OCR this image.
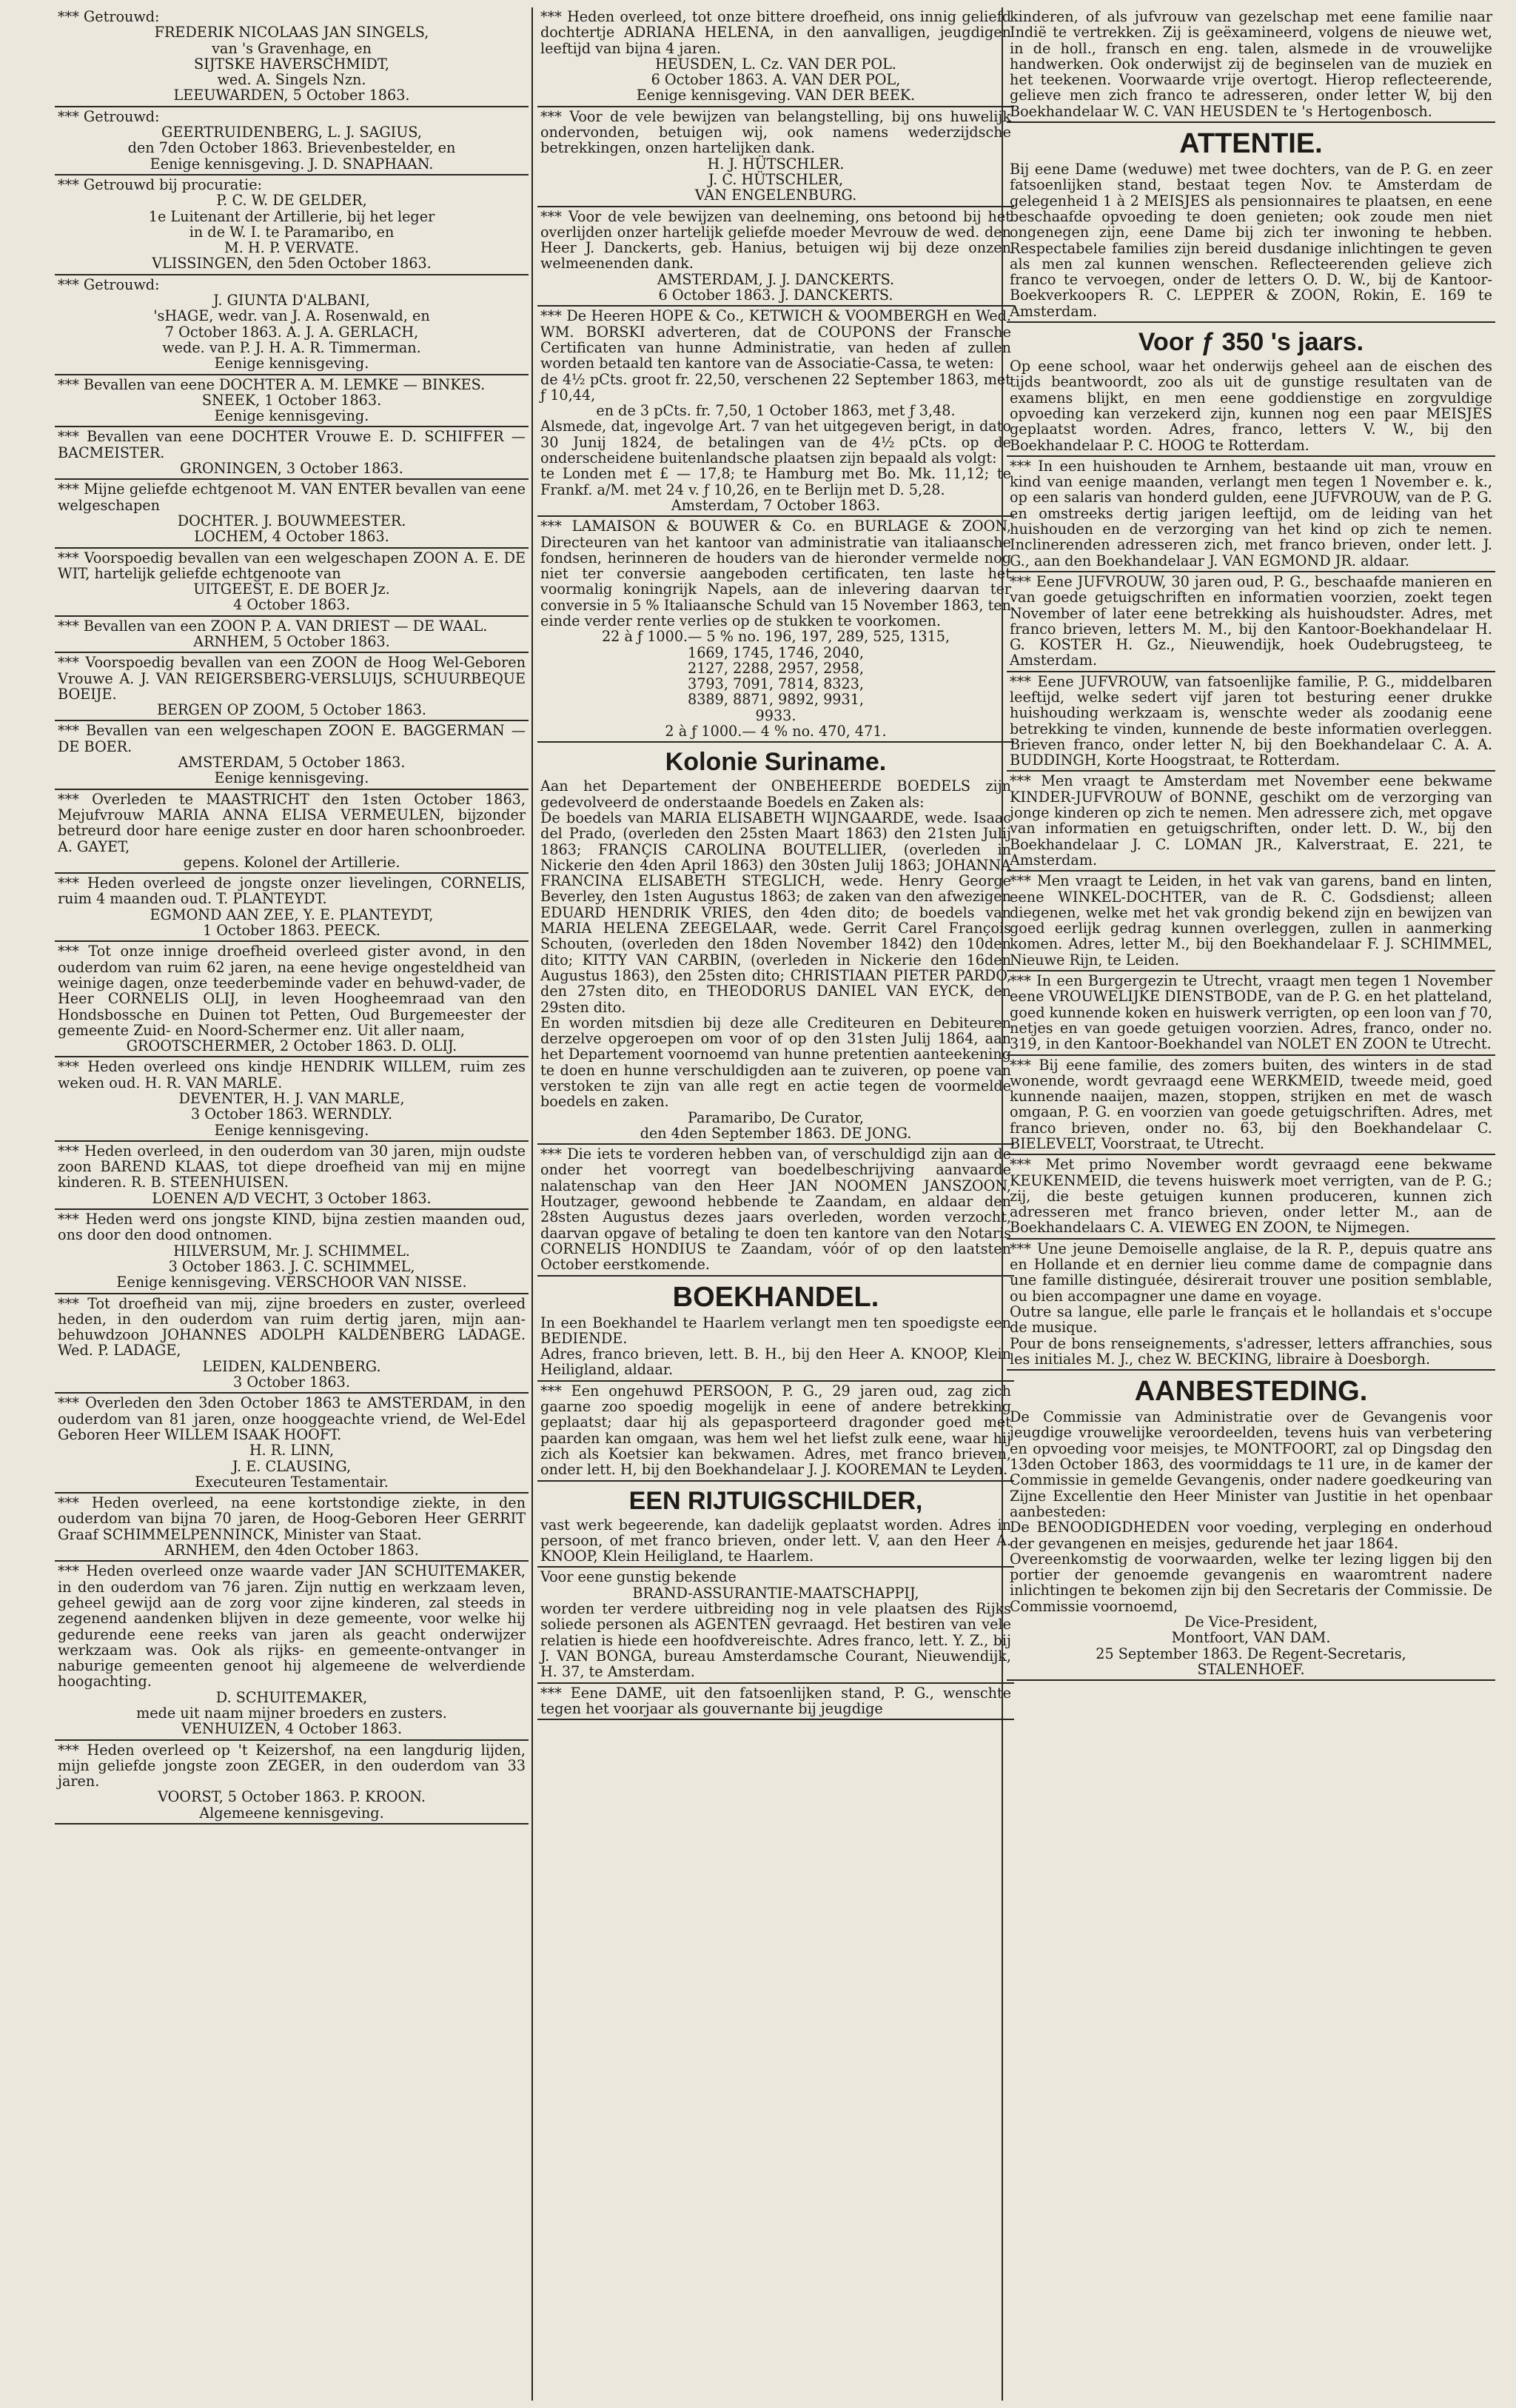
*** Getrouwd:

FREDERIK NICOLAAS JAN SINGELS,

van 's Gravenhage, en

SIJTSKE HAVERSCHMIDT,

wed. A. Singels Nzn.

LEEUWARDEN, 5 October 1863.

*** Getrouwd:

GEERTRUIDENBERG, L. J. SAGIUS,

den 7den October 1863. Brievenbestelder, en

Eenige kennisgeving. J. D. SNAPHAAN.

*** Getrouwd bij procuratie:

P. C. W. DE GELDER,

1e Luitenant der Artillerie, bij het leger

in de W. I. te Paramaribo, en

M. H. P. VERVATE.

VLISSINGEN, den 5den October 1863.

*** Getrouwd:

J. GIUNTA D'ALBANI,

'sHAGE, wedr. van J. A. Rosenwald, en

7 October 1863. A. J. A. GERLACH,

wede. van P. J. H. A. R. Timmerman.

Eenige kennisgeving.

*** Bevallen van eene DOCHTER A. M. LEMKE — BINKES.

SNEEK, 1 October 1863.

Eenige kennisgeving.

*** Bevallen van eene DOCHTER Vrouwe E. D. SCHIFFER — BACMEISTER.

GRONINGEN, 3 October 1863.

*** Mijne geliefde echtgenoot M. VAN ENTER bevallen van eene welgeschapen

DOCHTER. J. BOUWMEESTER.

LOCHEM, 4 October 1863.

*** Voorspoedig bevallen van een welgeschapen ZOON A. E. DE WIT, hartelijk geliefde echtgenoote van

UITGEEST, E. DE BOER Jz.

4 October 1863.

*** Bevallen van een ZOON P. A. VAN DRIEST — DE WAAL.

ARNHEM, 5 October 1863.

*** Voorspoedig bevallen van een ZOON de Hoog Wel-Geboren Vrouwe A. J. VAN REIGERSBERG-VERSLUIJS, SCHUURBEQUE BOEIJE.

BERGEN OP ZOOM, 5 October 1863.

*** Bevallen van een welgeschapen ZOON E. BAGGERMAN — DE BOER.

AMSTERDAM, 5 October 1863.

Eenige kennisgeving.

*** Overleden te MAASTRICHT den 1sten October 1863, Mejufvrouw MARIA ANNA ELISA VERMEULEN, bijzonder betreurd door hare eenige zuster en door haren schoonbroeder. A. GAYET,

gepens. Kolonel der Artillerie.

*** Heden overleed de jongste onzer lievelingen, CORNELIS, ruim 4 maanden oud. T. PLANTEYDT.

EGMOND AAN ZEE, Y. E. PLANTEYDT,

1 October 1863. PEECK.

*** Tot onze innige droefheid overleed gister avond, in den ouderdom van ruim 62 jaren, na eene hevige ongesteldheid van weinige dagen, onze teederbeminde vader en behuwd-vader, de Heer CORNELIS OLIJ, in leven Hoogheemraad van den Hondsbossche en Duinen tot Petten, Oud Burgemeester der gemeente Zuid- en Noord-Schermer enz. Uit aller naam,

GROOTSCHERMER, 2 October 1863. D. OLIJ.

*** Heden overleed ons kindje HENDRIK WILLEM, ruim zes weken oud. H. R. VAN MARLE.

DEVENTER, H. J. VAN MARLE,

3 October 1863. WERNDLY.

Eenige kennisgeving.

*** Heden overleed, in den ouderdom van 30 jaren, mijn oudste zoon BAREND KLAAS, tot diepe droefheid van mij en mijne kinderen. R. B. STEENHUISEN.

LOENEN A/D VECHT, 3 October 1863.

*** Heden werd ons jongste KIND, bijna zestien maanden oud, ons door den dood ontnomen.

HILVERSUM, Mr. J. SCHIMMEL.

3 October 1863. J. C. SCHIMMEL,

Eenige kennisgeving. VERSCHOOR VAN NISSE.

*** Tot droefheid van mij, zijne broeders en zuster, overleed heden, in den ouderdom van ruim dertig jaren, mijn aan-behuwdzoon JOHANNES ADOLPH KALDENBERG LADAGE. Wed. P. LADAGE,

LEIDEN, KALDENBERG.

3 October 1863.

*** Overleden den 3den October 1863 te AMSTERDAM, in den ouderdom van 81 jaren, onze hooggeachte vriend, de Wel-Edel Geboren Heer WILLEM ISAAK HOOFT.

H. R. LINN,

J. E. CLAUSING,

Executeuren Testamentair.

*** Heden overleed, na eene kortstondige ziekte, in den ouderdom van bijna 70 jaren, de Hoog-Geboren Heer GERRIT Graaf SCHIMMELPENNINCK, Minister van Staat.

ARNHEM, den 4den October 1863.

*** Heden overleed onze waarde vader JAN SCHUITEMAKER, in den ouderdom van 76 jaren. Zijn nuttig en werkzaam leven, geheel gewijd aan de zorg voor zijne kinderen, zal steeds in zegenend aandenken blijven in deze gemeente, voor welke hij gedurende eene reeks van jaren als geacht onderwijzer werkzaam was. Ook als rijks- en gemeente-ontvanger in naburige gemeenten genoot hij algemeene de welverdiende hoogachting.

D. SCHUITEMAKER,

mede uit naam mijner broeders en zusters.

VENHUIZEN, 4 October 1863.

*** Heden overleed op 't Keizershof, na een langdurig lijden, mijn geliefde jongste zoon ZEGER, in den ouderdom van 33 jaren.

VOORST, 5 October 1863. P. KROON.

Algemeene kennisgeving.

*** Heden overleed, tot onze bittere droefheid, ons innig geliefd dochtertje ADRIANA HELENA, in den aanvalligen, jeugdigen leeftijd van bijna 4 jaren.

HEUSDEN, L. Cz. VAN DER POL.

6 October 1863. A. VAN DER POL,

Eenige kennisgeving. VAN DER BEEK.

*** Voor de vele bewijzen van belangstelling, bij ons huwelijk ondervonden, betuigen wij, ook namens wederzijdsche betrekkingen, onzen hartelijken dank.

H. J. HÜTSCHLER.

J. C. HÜTSCHLER,

VAN ENGELENBURG.

*** Voor de vele bewijzen van deelneming, ons betoond bij het overlijden onzer hartelijk geliefde moeder Mevrouw de wed. den Heer J. Danckerts, geb. Hanius, betuigen wij bij deze onzen welmeenenden dank.

AMSTERDAM, J. J. DANCKERTS.

6 October 1863. J. DANCKERTS.

*** De Heeren HOPE & Co., KETWICH & VOOMBERGH en Wed. WM. BORSKI adverteren, dat de COUPONS der Fransche Certificaten van hunne Administratie, van heden af zullen worden betaald ten kantore van de Associatie-Cassa, te weten:

de 4½ pCts. groot fr. 22,50, verschenen 22 September 1863, met ƒ 10,44,

en de 3 pCts. fr. 7,50, 1 October 1863, met ƒ 3,48.

Alsmede, dat, ingevolge Art. 7 van het uitgegeven berigt, in dato 30 Junij 1824, de betalingen van de 4½ pCts. op de onderscheidene buitenlandsche plaatsen zijn bepaald als volgt:

te Londen met £ — 17,8; te Hamburg met Bo. Mk. 11,12; te Frankf. a/M. met 24 v. ƒ 10,26, en te Berlijn met D. 5,28.

Amsterdam, 7 October 1863.

*** LAMAISON & BOUWER & Co. en BURLAGE & ZOON, Directeuren van het kantoor van administratie van italiaansche fondsen, herinneren de houders van de hieronder vermelde nog niet ter conversie aangeboden certificaten, ten laste het voormalig koningrijk Napels, aan de inlevering daarvan ter conversie in 5 % Italiaansche Schuld van 15 November 1863, ten einde verder rente verlies op de stukken te voorkomen.

22 à ƒ 1000.— 5 % no. 196, 197, 289, 525, 1315,

1669, 1745, 1746, 2040,

2127, 2288, 2957, 2958,

3793, 7091, 7814, 8323,

8389, 8871, 9892, 9931,

9933.

2 à ƒ 1000.— 4 % no. 470, 471.

Kolonie Suriname.

Aan het Departement der ONBEHEERDE BOEDELS zijn gedevolveerd de onderstaande Boedels en Zaken als:

De boedels van MARIA ELISABETH WIJNGAARDE, wede. Isaac del Prado, (overleden den 25sten Maart 1863) den 21sten Julij 1863; FRANÇIS CAROLINA BOUTELLIER, (overleden in Nickerie den 4den April 1863) den 30sten Julij 1863; JOHANNA FRANCINA ELISABETH STEGLICH, wede. Henry George Beverley, den 1sten Augustus 1863; de zaken van den afwezigen EDUARD HENDRIK VRIES, den 4den dito; de boedels van MARIA HELENA ZEEGELAAR, wede. Gerrit Carel François Schouten, (overleden den 18den November 1842) den 10den dito; KITTY VAN CARBIN, (overleden in Nickerie den 16den Augustus 1863), den 25sten dito; CHRISTIAAN PIETER PARDO, den 27sten dito, en THEODORUS DANIEL VAN EYCK, den 29sten dito.

En worden mitsdien bij deze alle Crediteuren en Debiteuren derzelve opgeroepen om voor of op den 31sten Julij 1864, aan het Departement voornoemd van hunne pretentien aanteekening te doen en hunne verschuldigden aan te zuiveren, op poene van verstoken te zijn van alle regt en actie tegen de voormelde boedels en zaken.

Paramaribo, De Curator,

den 4den September 1863. DE JONG.

*** Die iets te vorderen hebben van, of verschuldigd zijn aan de onder het voorregt van boedelbeschrijving aanvaarde nalatenschap van den Heer JAN NOOMEN JANSZOON, Houtzager, gewoond hebbende te Zaandam, en aldaar den 28sten Augustus dezes jaars overleden, worden verzocht, daarvan opgave of betaling te doen ten kantore van den Notaris CORNELIS HONDIUS te Zaandam, vóór of op den laatsten October eerstkomende.

BOEKHANDEL.

In een Boekhandel te Haarlem verlangt men ten spoedigste een BEDIENDE.

Adres, franco brieven, lett. B. H., bij den Heer A. KNOOP, Klein Heiligland, aldaar.

*** Een ongehuwd PERSOON, P. G., 29 jaren oud, zag zich gaarne zoo spoedig mogelijk in eene of andere betrekking geplaatst; daar hij als gepasporteerd dragonder goed met paarden kan omgaan, was hem wel het liefst zulk eene, waar hij zich als Koetsier kan bekwamen. Adres, met franco brieven, onder lett. H, bij den Boekhandelaar J. J. KOOREMAN te Leyden.

EEN RIJTUIGSCHILDER,

vast werk begeerende, kan dadelijk geplaatst worden. Adres in persoon, of met franco brieven, onder lett. V, aan den Heer A. KNOOP, Klein Heiligland, te Haarlem.

Voor eene gunstig bekende

BRAND-ASSURANTIE-MAATSCHAPPIJ,

worden ter verdere uitbreiding nog in vele plaatsen des Rijks soliede personen als AGENTEN gevraagd. Het bestiren van vele relatien is hiede een hoofdvereischte. Adres franco, lett. Y. Z., bij J. VAN BONGA, bureau Amsterdamsche Courant, Nieuwendijk, H. 37, te Amsterdam.

*** Eene DAME, uit den fatsoenlijken stand, P. G., wenschte tegen het voorjaar als gouvernante bij jeugdige

kinderen, of als jufvrouw van gezelschap met eene familie naar Indië te vertrekken. Zij is geëxamineerd, volgens de nieuwe wet, in de holl., fransch en eng. talen, alsmede in de vrouwelijke handwerken. Ook onderwijst zij de beginselen van de muziek en het teekenen. Voorwaarde vrije overtogt. Hierop reflecteerende, gelieve men zich franco te adresseren, onder letter W, bij den Boekhandelaar W. C. VAN HEUSDEN te 's Hertogenbosch.

ATTENTIE.

Bij eene Dame (weduwe) met twee dochters, van de P. G. en zeer fatsoenlijken stand, bestaat tegen Nov. te Amsterdam de gelegenheid 1 à 2 MEISJES als pensionnaires te plaatsen, en eene beschaafde opvoeding te doen genieten; ook zoude men niet ongenegen zijn, eene Dame bij zich ter inwoning te hebben. Respectabele families zijn bereid dusdanige inlichtingen te geven als men zal kunnen wenschen. Reflecteerenden gelieve zich franco te vervoegen, onder de letters O. D. W., bij de Kantoor-Boekverkoopers R. C. LEPPER & ZOON, Rokin, E. 169 te Amsterdam.

Voor ƒ 350 's jaars.

Op eene school, waar het onderwijs geheel aan de eischen des tijds beantwoordt, zoo als uit de gunstige resultaten van de examens blijkt, en men eene goddienstige en zorgvuldige opvoeding kan verzekerd zijn, kunnen nog een paar MEISJES geplaatst worden. Adres, franco, letters V. W., bij den Boekhandelaar P. C. HOOG te Rotterdam.

*** In een huishouden te Arnhem, bestaande uit man, vrouw en kind van eenige maanden, verlangt men tegen 1 November e. k., op een salaris van honderd gulden, eene JUFVROUW, van de P. G. en omstreeks dertig jarigen leeftijd, om de leiding van het huishouden en de verzorging van het kind op zich te nemen. Inclinerenden adresseren zich, met franco brieven, onder lett. J. G., aan den Boekhandelaar J. VAN EGMOND JR. aldaar.

*** Eene JUFVROUW, 30 jaren oud, P. G., beschaafde manieren en van goede getuigschriften en informatien voorzien, zoekt tegen November of later eene betrekking als huishoudster. Adres, met franco brieven, letters M. M., bij den Kantoor-Boekhandelaar H. G. KOSTER H. Gz., Nieuwendijk, hoek Oudebrugsteeg, te Amsterdam.

*** Eene JUFVROUW, van fatsoenlijke familie, P. G., middelbaren leeftijd, welke sedert vijf jaren tot besturing eener drukke huishouding werkzaam is, wenschte weder als zoodanig eene betrekking te vinden, kunnende de beste informatien overleggen. Brieven franco, onder letter N, bij den Boekhandelaar C. A. A. BUDDINGH, Korte Hoogstraat, te Rotterdam.

*** Men vraagt te Amsterdam met November eene bekwame KINDER-JUFVROUW of BONNE, geschikt om de verzorging van jonge kinderen op zich te nemen. Men adressere zich, met opgave van informatien en getuigschriften, onder lett. D. W., bij den Boekhandelaar J. C. LOMAN JR., Kalverstraat, E. 221, te Amsterdam.

*** Men vraagt te Leiden, in het vak van garens, band en linten, eene WINKEL-DOCHTER, van de R. C. Godsdienst; alleen diegenen, welke met het vak grondig bekend zijn en bewijzen van goed eerlijk gedrag kunnen overleggen, zullen in aanmerking komen. Adres, letter M., bij den Boekhandelaar F. J. SCHIMMEL, Nieuwe Rijn, te Leiden.

*** In een Burgergezin te Utrecht, vraagt men tegen 1 November eene VROUWELIJKE DIENSTBODE, van de P. G. en het platteland, goed kunnende koken en huiswerk verrigten, op een loon van ƒ 70, netjes en van goede getuigen voorzien. Adres, franco, onder no. 319, in den Kantoor-Boekhandel van NOLET EN ZOON te Utrecht.

*** Bij eene familie, des zomers buiten, des winters in de stad wonende, wordt gevraagd eene WERKMEID, tweede meid, goed kunnende naaijen, mazen, stoppen, strijken en met de wasch omgaan, P. G. en voorzien van goede getuigschriften. Adres, met franco brieven, onder no. 63, bij den Boekhandelaar C. BIELEVELT, Voorstraat, te Utrecht.

*** Met primo November wordt gevraagd eene bekwame KEUKENMEID, die tevens huiswerk moet verrigten, van de P. G.; zij, die beste getuigen kunnen produceren, kunnen zich adresseren met franco brieven, onder letter M., aan de Boekhandelaars C. A. VIEWEG EN ZOON, te Nijmegen.

*** Une jeune Demoiselle anglaise, de la R. P., depuis quatre ans en Hollande et en dernier lieu comme dame de compagnie dans une famille distinguée, désirerait trouver une position semblable, ou bien accompagner une dame en voyage.

Outre sa langue, elle parle le français et le hollandais et s'occupe de musique.

Pour de bons renseignements, s'adresser, letters affranchies, sous les initiales M. J., chez W. BECKING, libraire à Doesborgh.

AANBESTEDING.

De Commissie van Administratie over de Gevangenis voor jeugdige vrouwelijke veroordeelden, tevens huis van verbetering en opvoeding voor meisjes, te MONTFOORT, zal op Dingsdag den 13den October 1863, des voormiddags te 11 ure, in de kamer der Commissie in gemelde Gevangenis, onder nadere goedkeuring van Zijne Excellentie den Heer Minister van Justitie in het openbaar aanbesteden:

De BENOODIGDHEDEN voor voeding, verpleging en onderhoud der gevangenen en meisjes, gedurende het jaar 1864.

Overeenkomstig de voorwaarden, welke ter lezing liggen bij den portier der genoemde gevangenis en waaromtrent nadere inlichtingen te bekomen zijn bij den Secretaris der Commissie. De Commissie voornoemd,

De Vice-President,

Montfoort, VAN DAM.

25 September 1863. De Regent-Secretaris,

STALENHOEF.
